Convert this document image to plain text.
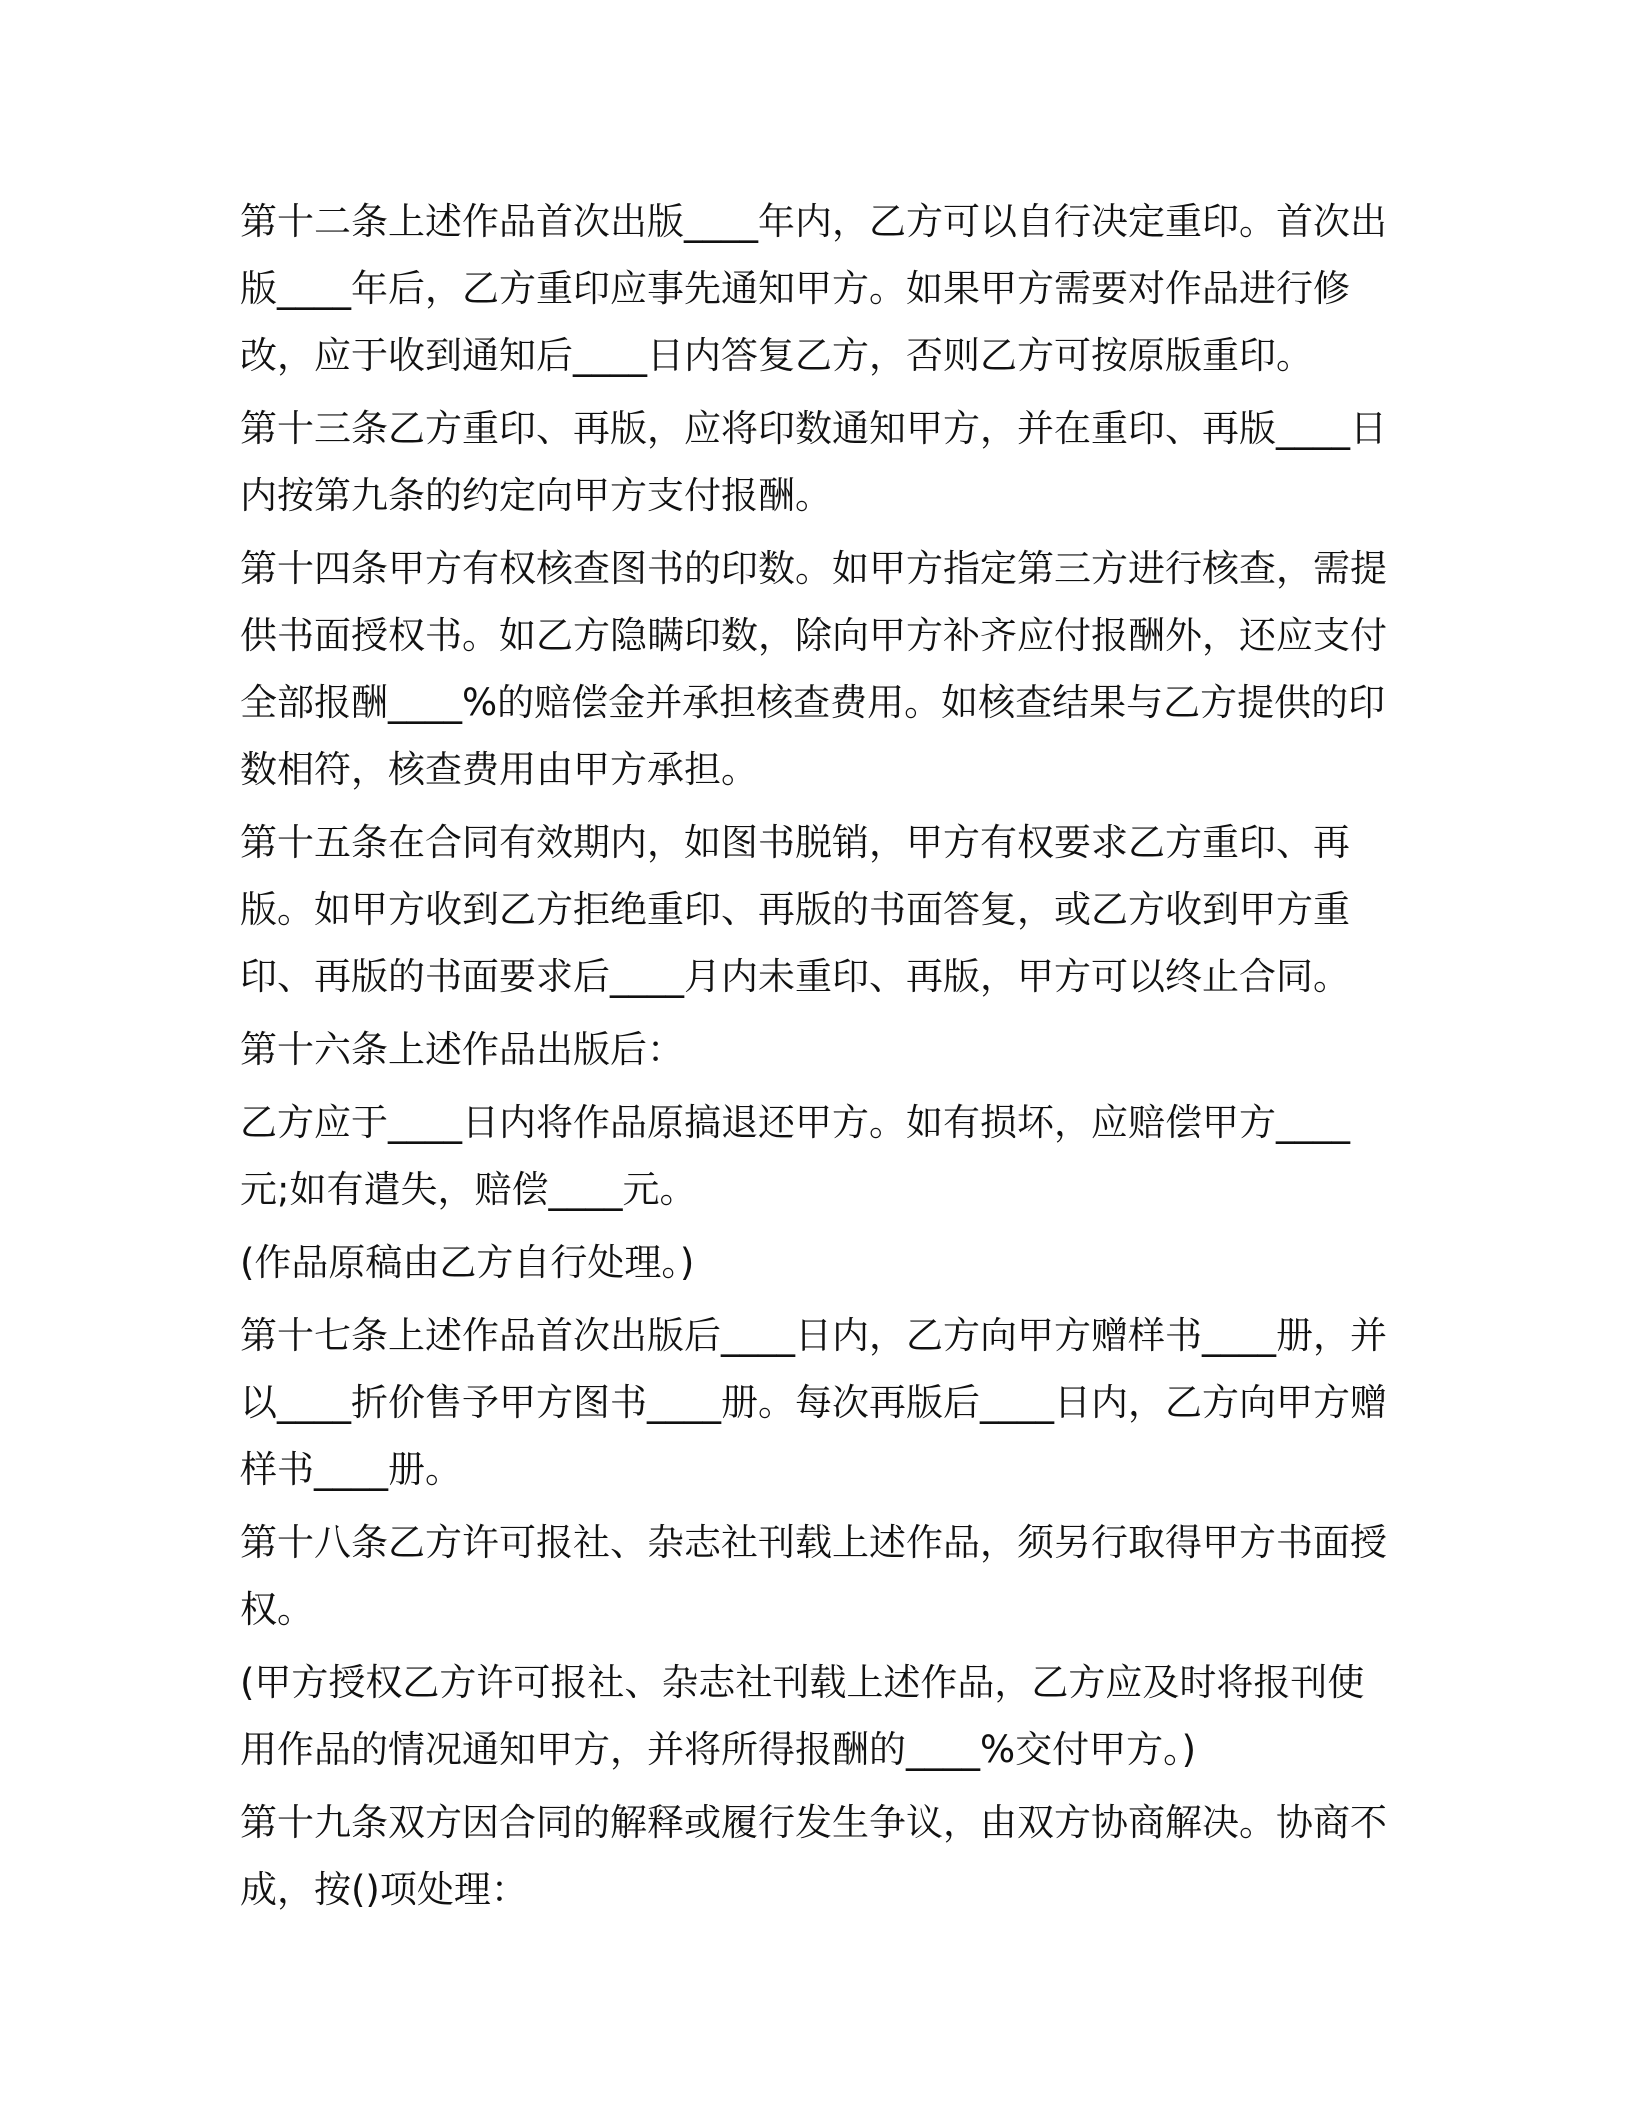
第十二条上述作品首次出版____年内，乙方可以自行决定重印。首次出版____年后，乙方重印应事先通知甲方。如果甲方需要对作品进行修改，应于收到通知后____日内答复乙方，否则乙方可按原版重印。

第十三条乙方重印、再版，应将印数通知甲方，并在重印、再版____日内按第九条的约定向甲方支付报酬。

第十四条甲方有权核查图书的印数。如甲方指定第三方进行核查，需提供书面授权书。如乙方隐瞒印数，除向甲方补齐应付报酬外，还应支付全部报酬____%的赔偿金并承担核查费用。如核查结果与乙方提供的印数相符，核查费用由甲方承担。

第十五条在合同有效期内，如图书脱销，甲方有权要求乙方重印、再版。如甲方收到乙方拒绝重印、再版的书面答复，或乙方收到甲方重印、再版的书面要求后____月内未重印、再版，甲方可以终止合同。

第十六条上述作品出版后：

乙方应于____日内将作品原搞退还甲方。如有损坏，应赔偿甲方____元;如有遣失，赔偿____元。

(作品原稿由乙方自行处理。)

第十七条上述作品首次出版后____日内，乙方向甲方赠样书____册，并以____折价售予甲方图书____册。每次再版后____日内，乙方向甲方赠样书____册。

第十八条乙方许可报社、杂志社刊载上述作品，须另行取得甲方书面授权。

(甲方授权乙方许可报社、杂志社刊载上述作品，乙方应及时将报刊使用作品的情况通知甲方，并将所得报酬的____%交付甲方。)

第十九条双方因合同的解释或履行发生争议，由双方协商解决。协商不成，按()项处理：
